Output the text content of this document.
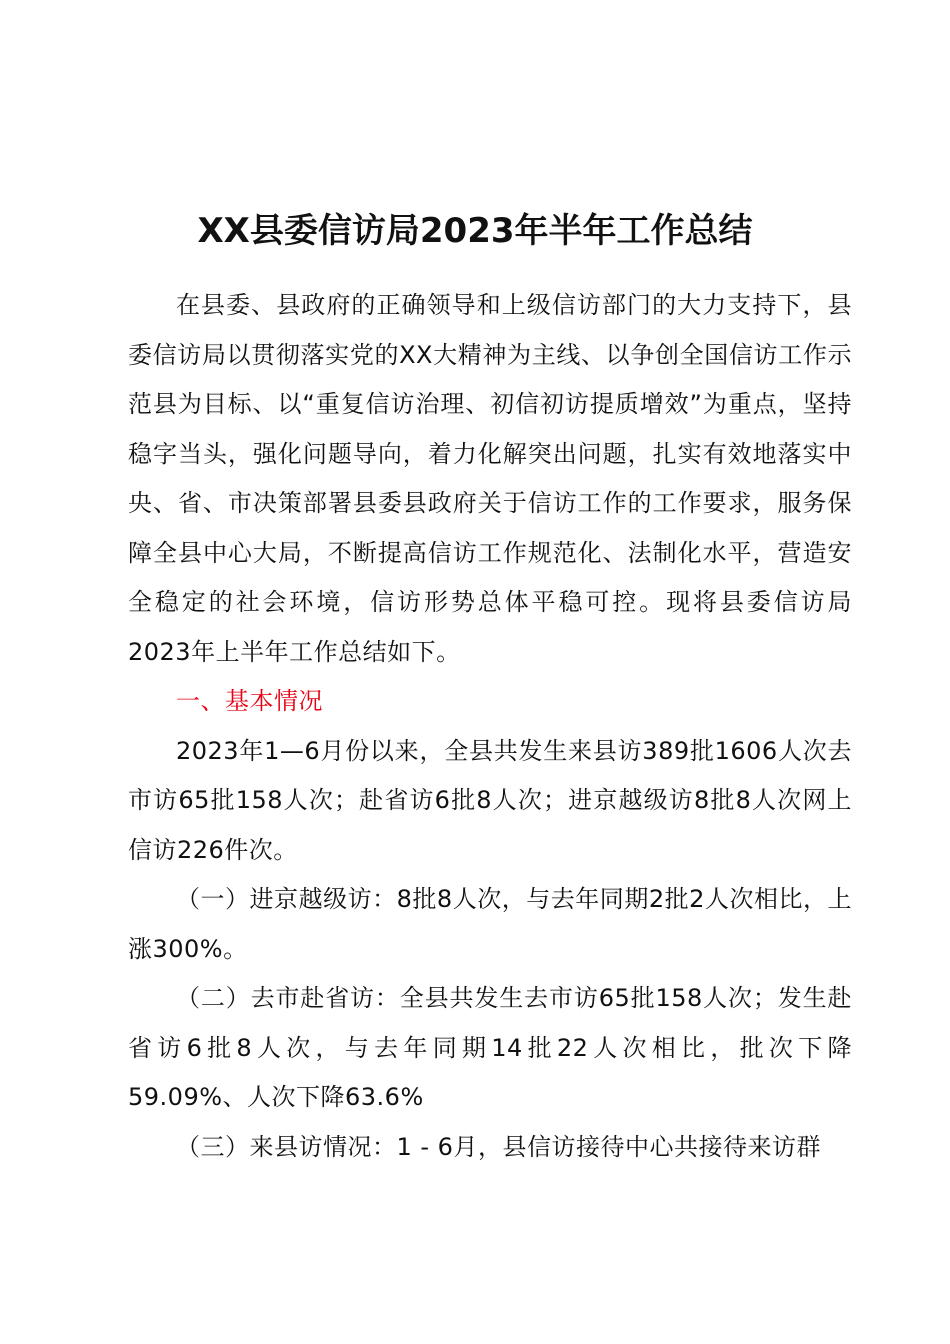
XX县委信访局2023年半年工作总结

在县委、县政府的正确领导和上级信访部门的大力支持下，县委信访局以贯彻落实党的XX大精神为主线、以争创全国信访工作示范县为目标、以“重复信访治理、初信初访提质增效”为重点，坚持稳字当头，强化问题导向，着力化解突出问题，扎实有效地落实中央、省、市决策部署县委县政府关于信访工作的工作要求，服务保障全县中心大局，不断提高信访工作规范化、法制化水平，营造安全稳定的社会环境，信访形势总体平稳可控。现将县委信访局2023年上半年工作总结如下。

一、基本情况

2023年1—6月份以来，全县共发生来县访389批1606人次去市访65批158人次；赴省访6批8人次；进京越级访8批8人次网上信访226件次。

（一）进京越级访：8批8人次，与去年同期2批2人次相比，上涨300%。

（二）去市赴省访：全县共发生去市访65批158人次；发生赴省访6批8人次，与去年同期14批22人次相比，批次下降59.09%、人次下降63.6%

（三）来县访情况：1 - 6月，县信访接待中心共接待来访群
